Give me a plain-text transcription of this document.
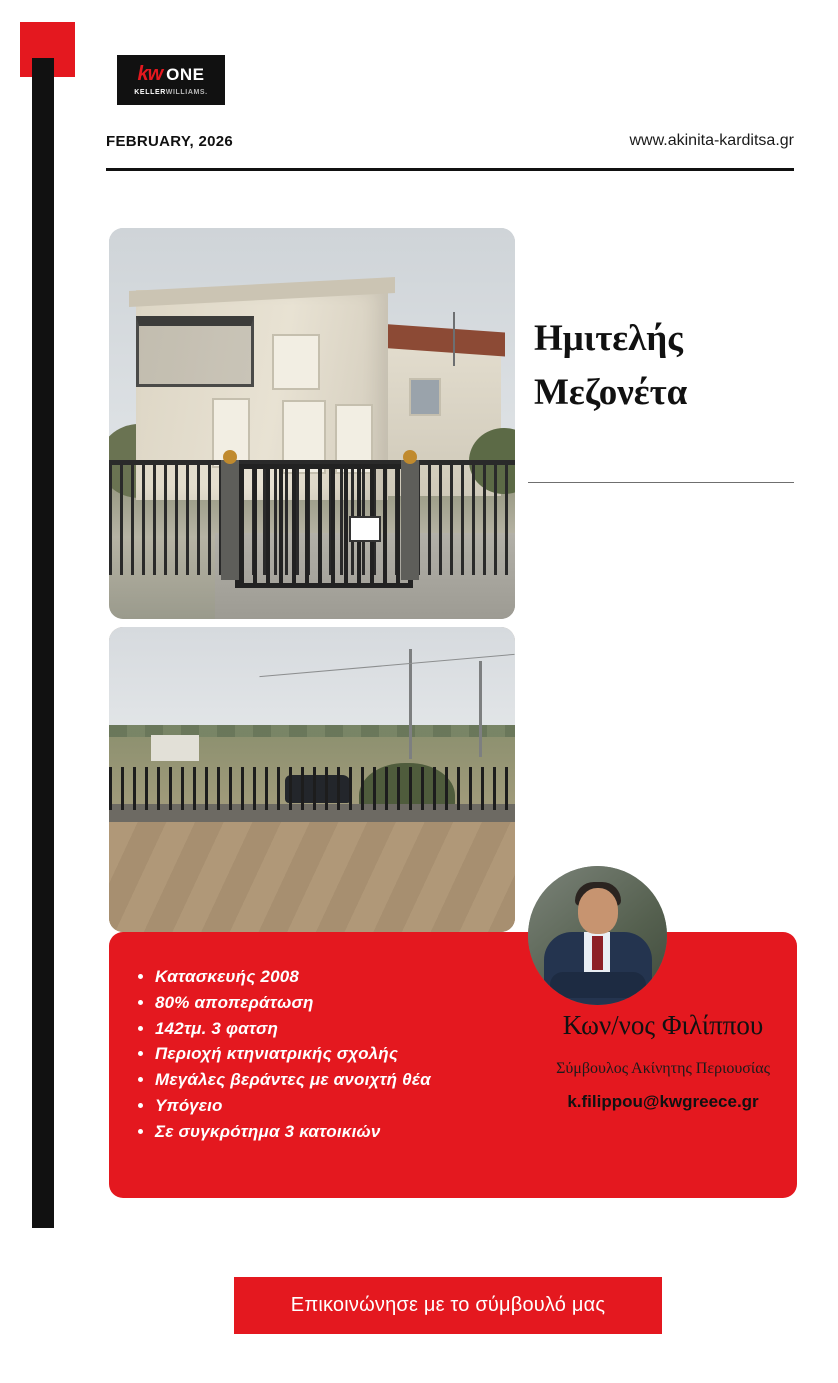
kw ONE
KELLERWILLIAMS.
FEBRUARY, 2026	www.akinita-karditsa.gr
Ημιτελής
Μεζονέτα
• Κατασκευής 2008
• 80% αποπεράτωση
• 142τμ. 3 φατση
• Περιοχή κτηνιατρικής σχολής
• Μεγάλες βεράντες με ανοιχτή θέα
• Υπόγειο
• Σε συγκρότημα 3 κατοικιών
Κων/νος Φιλίππου
Σύμβουλος Ακίνητης Περιουσίας
k.filippou@kwgreece.gr
Επικοινώνησε με το σύμβουλό μας
